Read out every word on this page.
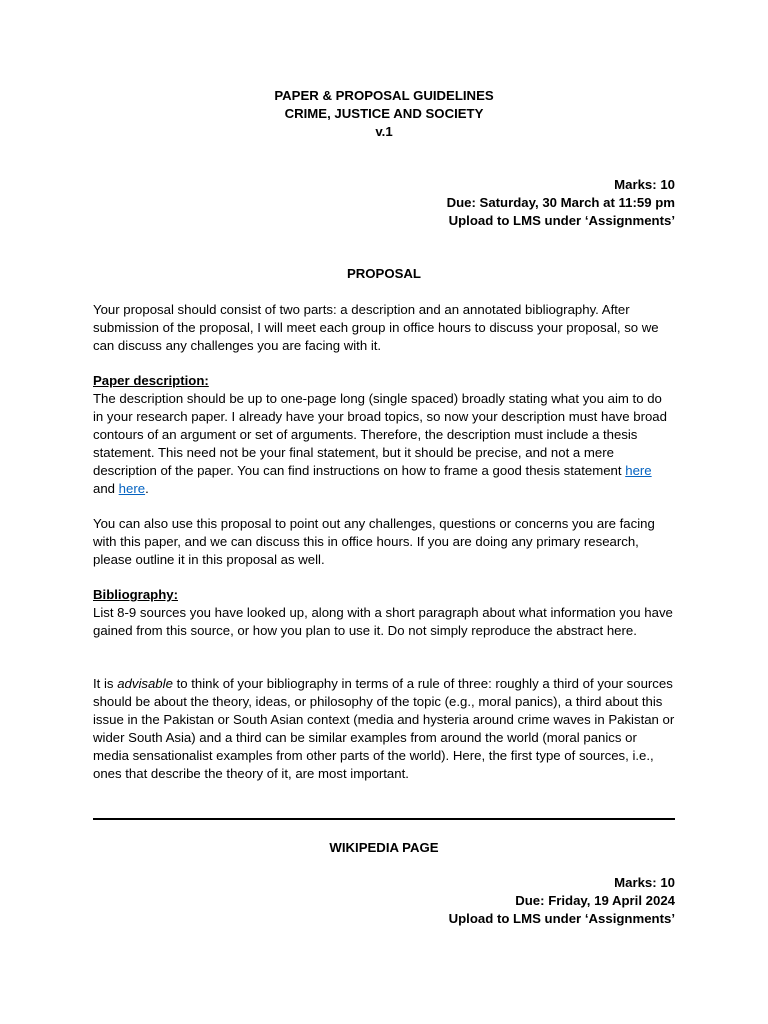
PAPER & PROPOSAL GUIDELINES
CRIME, JUSTICE AND SOCIETY
v.1
Marks: 10
Due: Saturday, 30 March at 11:59 pm
Upload to LMS under ‘Assignments’
PROPOSAL

Your proposal should consist of two parts: a description and an annotated bibliography. After submission of the proposal, I will meet each group in office hours to discuss your proposal, so we can discuss any challenges you are facing with it.

Paper description:

The description should be up to one-page long (single spaced) broadly stating what you aim to do in your research paper. I already have your broad topics, so now your description must have broad contours of an argument or set of arguments. Therefore, the description must include a thesis statement. This need not be your final statement, but it should be precise, and not a mere description of the paper. You can find instructions on how to frame a good thesis statement here and here.

You can also use this proposal to point out any challenges, questions or concerns you are facing with this paper, and we can discuss this in office hours. If you are doing any primary research, please outline it in this proposal as well.

Bibliography:

List 8-9 sources you have looked up, along with a short paragraph about what information you have gained from this source, or how you plan to use it. Do not simply reproduce the abstract here.

It is advisable to think of your bibliography in terms of a rule of three: roughly a third of your sources should be about the theory, ideas, or philosophy of the topic (e.g., moral panics), a third about this issue in the Pakistan or South Asian context (media and hysteria around crime waves in Pakistan or wider South Asia) and a third can be similar examples from around the world (moral panics or media sensationalist examples from other parts of the world). Here, the first type of sources, i.e., ones that describe the theory of it, are most important.

WIKIPEDIA PAGE
Marks: 10
Due: Friday, 19 April 2024
Upload to LMS under ‘Assignments’
